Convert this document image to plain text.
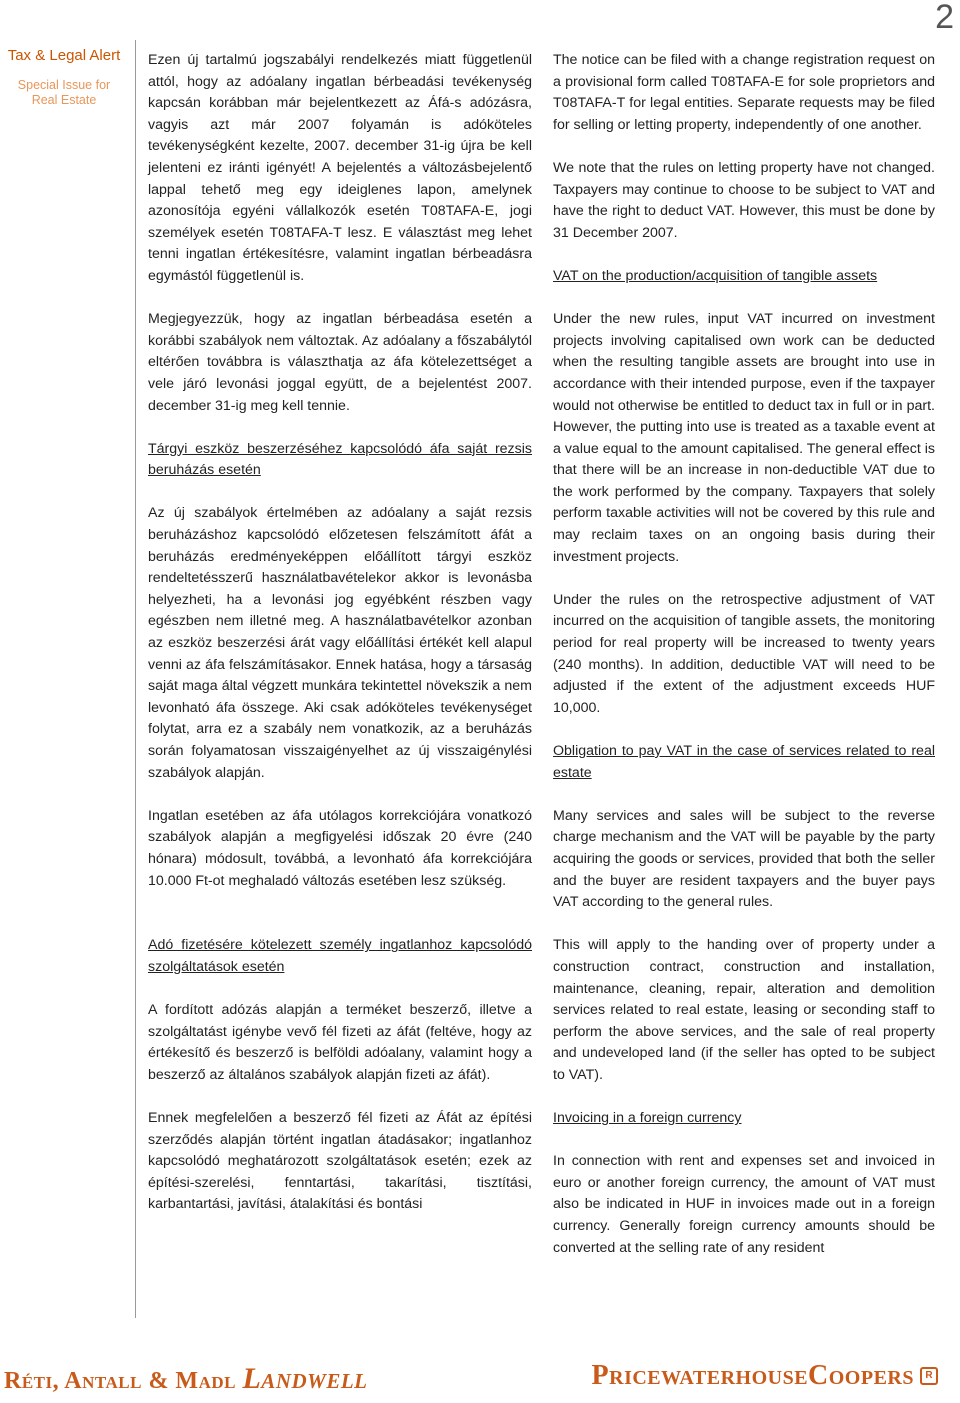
2
Tax & Legal Alert
Special Issue for
Real Estate

Ezen új tartalmú jogszabályi rendelkezés miatt függetlenül attól, hogy az adóalany ingatlan bérbeadási tevékenység kapcsán korábban már bejelentkezett az Áfá-s adózásra, vagyis azt már 2007 folyamán is adóköteles tevékenységként kezelte, 2007. december 31-ig újra be kell jelenteni ez iránti igényét! A bejelentés a változásbejelentő lappal tehető meg egy ideiglenes lapon, amelynek azonosítója egyéni vállalkozók esetén T08TAFA-E, jogi személyek esetén T08TAFA-T lesz. E választást meg lehet tenni ingatlan értékesítésre, valamint ingatlan bérbeadásra egymástól függetlenül is.

Megjegyezzük, hogy az ingatlan bérbeadása esetén a korábbi szabályok nem változtak. Az adóalany a főszabálytól eltérően továbbra is választhatja az áfa kötelezettséget a vele járó levonási joggal együtt, de a bejelentést 2007. december 31-ig meg kell tennie.

Tárgyi eszköz beszerzéséhez kapcsolódó áfa saját rezsis beruházás esetén

Az új szabályok értelmében az adóalany a saját rezsis beruházáshoz kapcsolódó előzetesen felszámított áfát a beruházás eredményeképpen előállított tárgyi eszköz rendeltetésszerű használatbavételekor akkor is levonásba helyezheti, ha a levonási jog egyébként részben vagy egészben nem illetné meg. A használatbavételkor azonban az eszköz beszerzési árát vagy előállítási értékét kell alapul venni az áfa felszámításakor. Ennek hatása, hogy a társaság saját maga által végzett munkára tekintettel növekszik a nem levonható áfa összege. Aki csak adóköteles tevékenységet folytat, arra ez a szabály nem vonatkozik, az a beruházás során folyamatosan visszaigényelhet az új visszaigénylési szabályok alapján.

Ingatlan esetében az áfa utólagos korrekciójára vonatkozó szabályok alapján a megfigyelési időszak 20 évre (240 hónara) módosult, továbbá, a levonható áfa korrekciójára 10.000 Ft-ot meghaladó változás esetében lesz szükség.

Adó fizetésére kötelezett személy ingatlanhoz kapcsolódó szolgáltatások esetén

A fordított adózás alapján a terméket beszerző, illetve a szolgáltatást igénybe vevő fél fizeti az áfát (feltéve, hogy az értékesítő és beszerző is belföldi adóalany, valamint hogy a beszerző az általános szabályok alapján fizeti az áfát).

Ennek megfelelően a beszerző fél fizeti az Áfát az építési szerződés alapján történt ingatlan átadásakor; ingatlanhoz kapcsolódó meghatározott szolgáltatások esetén; ezek az építési-szerelési, fenntartási, takarítási, tisztítási, karbantartási, javítási, átalakítási és bontási

The notice can be filed with a change registration request on a provisional form called T08TAFA-E for sole proprietors and T08TAFA-T for legal entities. Separate requests may be filed for selling or letting property, independently of one another.

We note that the rules on letting property have not changed. Taxpayers may continue to choose to be subject to VAT and have the right to deduct VAT. However, this must be done by 31 December 2007.

VAT on the production/acquisition of tangible assets

Under the new rules, input VAT incurred on investment projects involving capitalised own work can be deducted when the resulting tangible assets are brought into use in accordance with their intended purpose, even if the taxpayer would not otherwise be entitled to deduct tax in full or in part. However, the putting into use is treated as a taxable event at a value equal to the amount capitalised. The general effect is that there will be an increase in non-deductible VAT due to the work performed by the company. Taxpayers that solely perform taxable activities will not be covered by this rule and may reclaim taxes on an ongoing basis during their investment projects.

Under the rules on the retrospective adjustment of VAT incurred on the acquisition of tangible assets, the monitoring period for real property will be increased to twenty years (240 months). In addition, deductible VAT will need to be adjusted if the extent of the adjustment exceeds HUF 10,000.

Obligation to pay VAT in the case of services related to real estate

Many services and sales will be subject to the reverse charge mechanism and the VAT will be payable by the party acquiring the goods or services, provided that both the seller and the buyer are resident taxpayers and the buyer pays VAT according to the general rules.

This will apply to the handing over of property under a construction contract, construction and installation, maintenance, cleaning, repair, alteration and demolition services related to real estate, leasing or seconding staff to perform the above services, and the sale of real property and undeveloped land (if the seller has opted to be subject to VAT).

Invoicing in a foreign currency

In connection with rent and expenses set and invoiced in euro or another foreign currency, the amount of VAT must also be indicated in HUF in invoices made out in a foreign currency. Generally foreign currency amounts should be converted at the selling rate of any resident

Réti, Antall & Madl Landwell	PricewaterhouseCoopers	R
